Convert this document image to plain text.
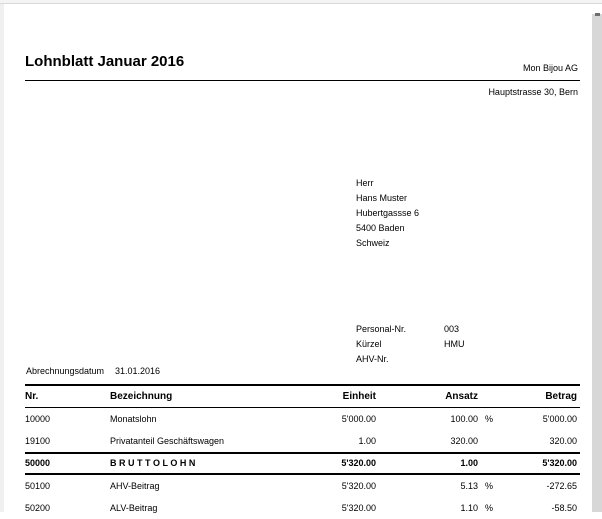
Lohnblatt Januar 2016	Mon Bijou AG
Hauptstrasse 30, Bern
Herr
Hans Muster
Hubertgassse 6
5400 Baden
Schweiz
Personal-Nr.	003
Kürzel	HMU
AHV-Nr.
Abrechnungsdatum 31.01.2016
Nr.	Bezeichnung	Einheit	Ansatz	Betrag
10000	Monatslohn	5'000.00	100.00 %	5'000.00
19100	Privatanteil Geschäftswagen	1.00	320.00	320.00
50000	B R U T T O L O H N	5'320.00	1.00	5'320.00
50100	AHV-Beitrag	5'320.00	5.13 %	-272.65
50200	ALV-Beitrag	5'320.00	1.10 %	-58.50
